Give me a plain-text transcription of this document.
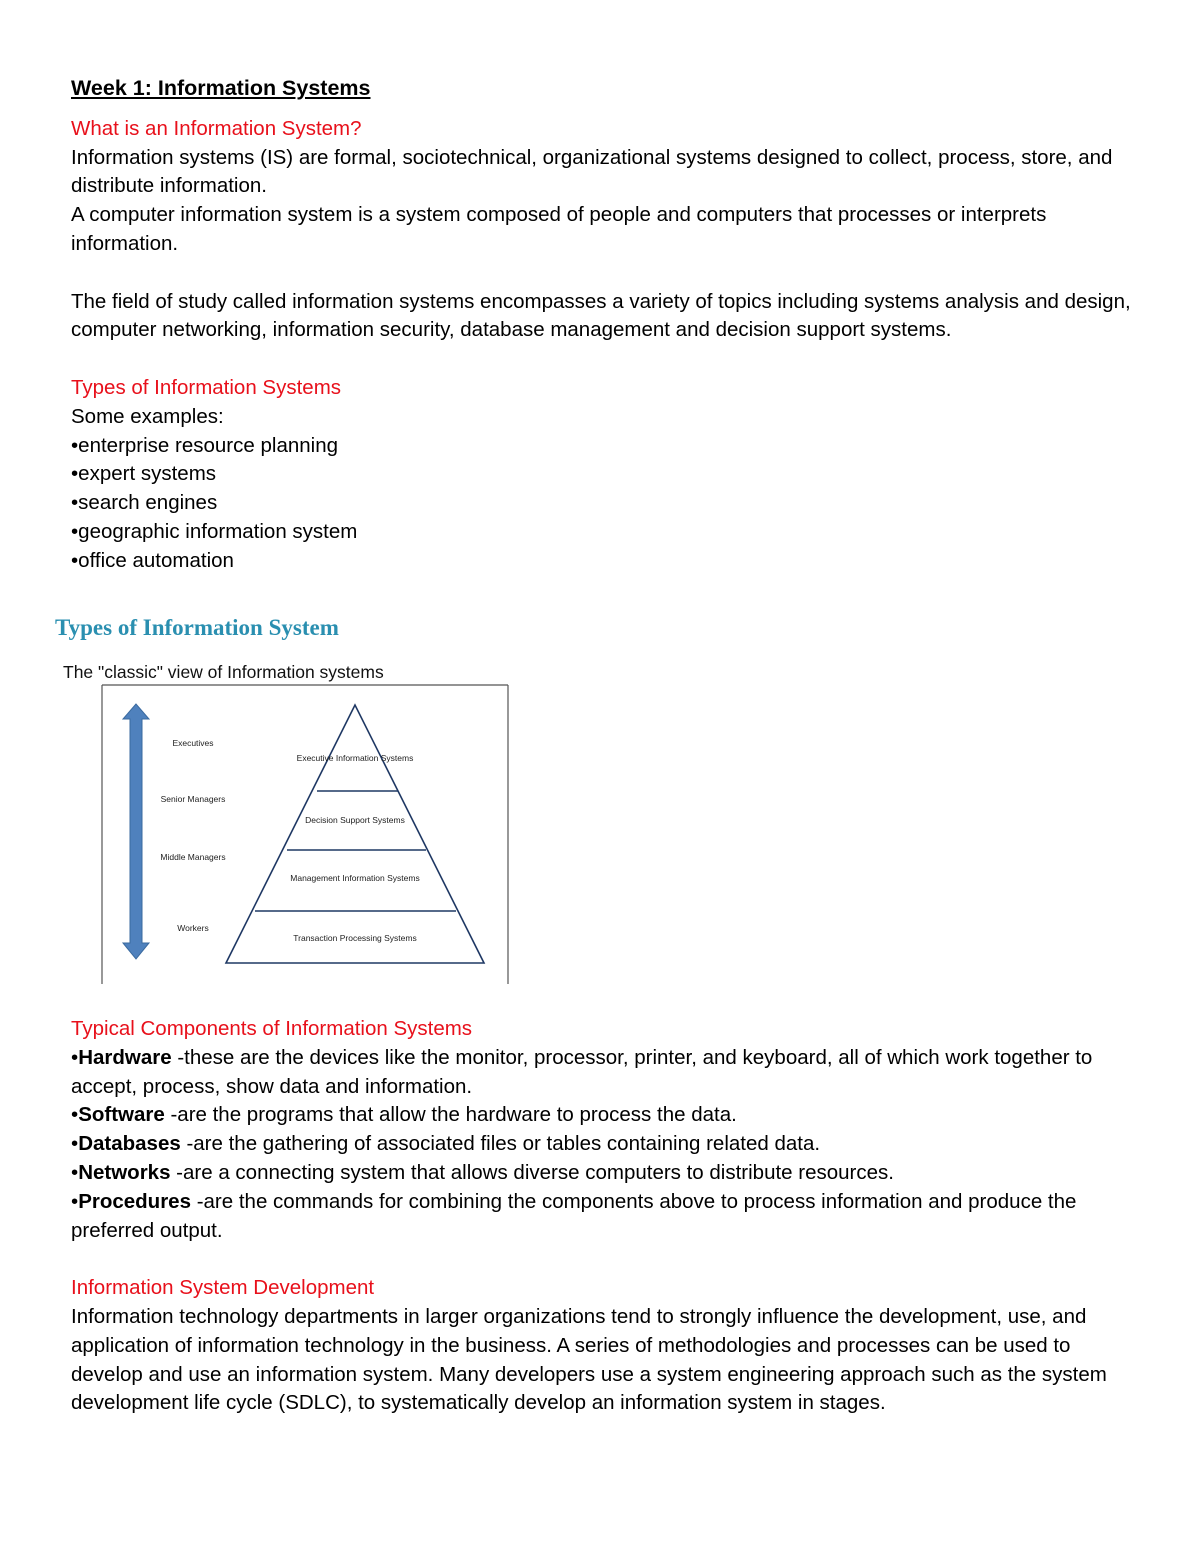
Week 1: Information Systems

What is an Information System?

Information systems (IS) are formal, sociotechnical, organizational systems designed to collect, process, store, and distribute information.

A computer information system is a system composed of people and computers that processes or interprets information.

The field of study called information systems encompasses a variety of topics including systems analysis and design, computer networking, information security, database management and decision support systems.

Types of Information Systems

Some examples:

•enterprise resource planning

•expert systems

•search engines

•geographic information system

•office automation

Types of Information System
The "classic" view of Information systems
Executives
Senior Managers
Middle Managers
Workers
Executive Information Systems
Decision Support Systems
Management Information Systems
Transaction Processing Systems

Typical Components of Information Systems

•Hardware -these are the devices like the monitor, processor, printer, and keyboard, all of which work together to accept, process, show data and information.

•Software -are the programs that allow the hardware to process the data.

•Databases -are the gathering of associated files or tables containing related data.

•Networks -are a connecting system that allows diverse computers to distribute resources.

•Procedures -are the commands for combining the components above to process information and produce the preferred output.

Information System Development

Information technology departments in larger organizations tend to strongly influence the development, use, and application of information technology in the business. A series of methodologies and processes can be used to develop and use an information system. Many developers use a system engineering approach such as the system development life cycle (SDLC), to systematically develop an information system in stages.
